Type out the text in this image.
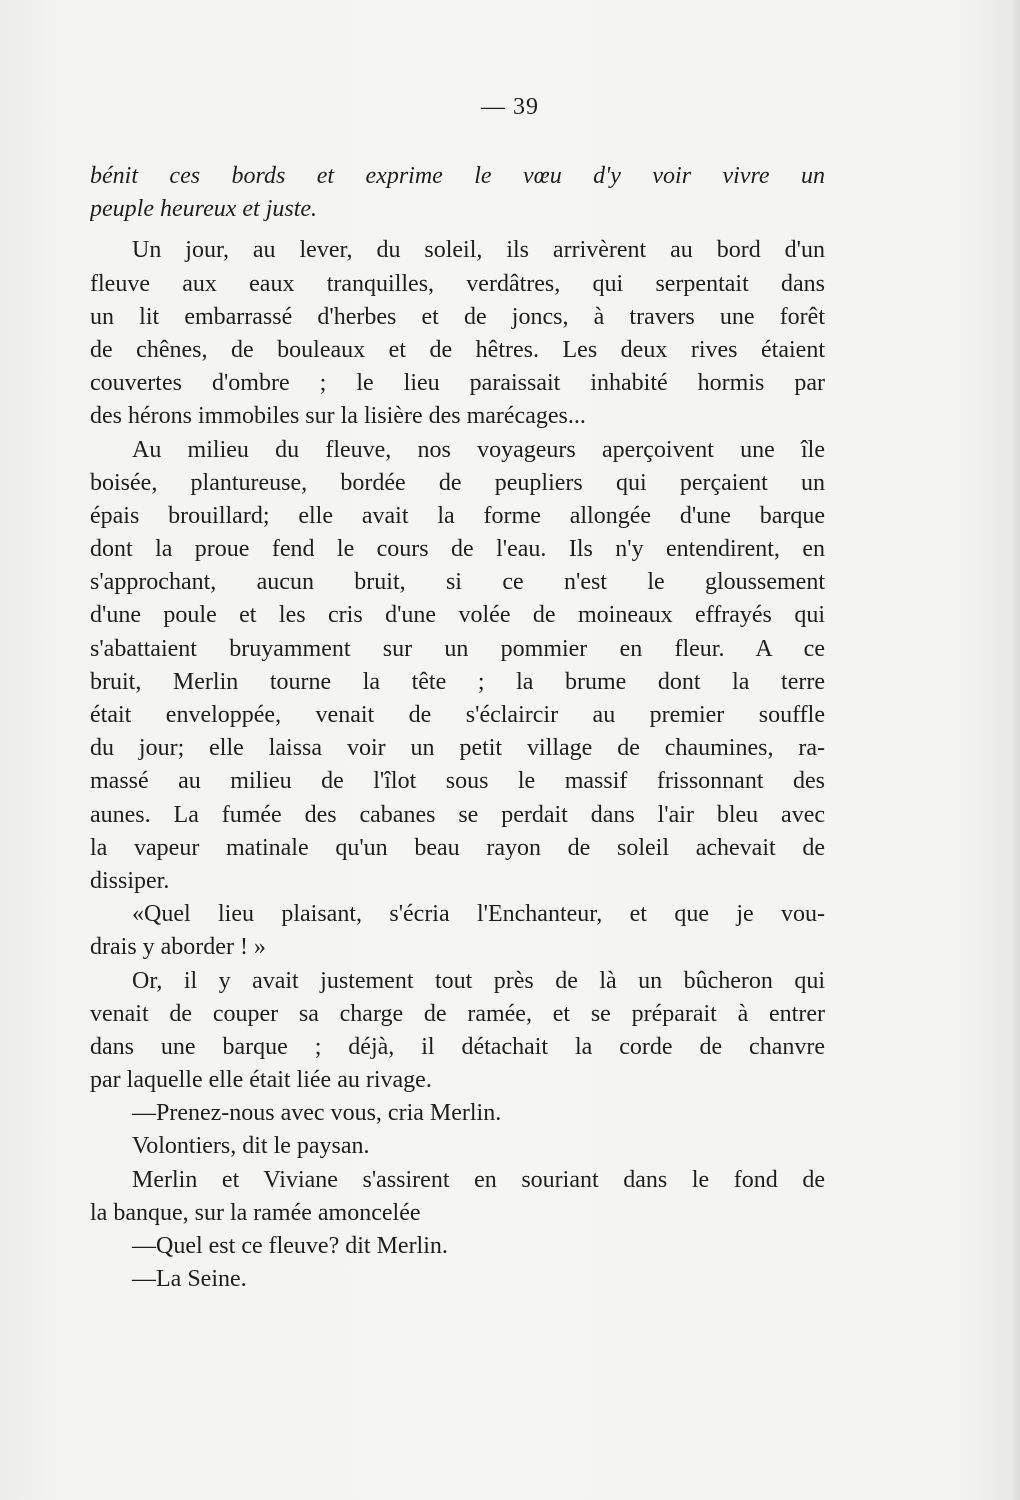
— 39
bénit ces bords et exprime le vœu d'y voir vivre un
peuple heureux et juste.
Un jour, au lever, du soleil, ils arrivèrent au bord d'un
fleuve aux eaux tranquilles, verdâtres, qui serpentait dans
un lit embarrassé d'herbes et de joncs, à travers une forêt
de chênes, de bouleaux et de hêtres. Les deux rives étaient
couvertes d'ombre ; le lieu paraissait inhabité hormis par
des hérons immobiles sur la lisière des marécages...
Au milieu du fleuve, nos voyageurs aperçoivent une île
boisée, plantureuse, bordée de peupliers qui perçaient un
épais brouillard; elle avait la forme allongée d'une barque
dont la proue fend le cours de l'eau. Ils n'y entendirent, en
s'approchant, aucun bruit, si ce n'est le gloussement
d'une poule et les cris d'une volée de moineaux effrayés qui
s'abattaient bruyamment sur un pommier en fleur. A ce
bruit, Merlin tourne la tête ; la brume dont la terre
était enveloppée, venait de s'éclaircir au premier souffle
du jour; elle laissa voir un petit village de chaumines, ra-
massé au milieu de l'îlot sous le massif frissonnant des
aunes. La fumée des cabanes se perdait dans l'air bleu avec
la vapeur matinale qu'un beau rayon de soleil achevait de
dissiper.
«Quel lieu plaisant, s'écria l'Enchanteur, et que je vou-
drais y aborder ! »
Or, il y avait justement tout près de là un bûcheron qui
venait de couper sa charge de ramée, et se préparait à entrer
dans une barque ; déjà, il détachait la corde de chanvre
par laquelle elle était liée au rivage.
—Prenez-nous avec vous, cria Merlin.
Volontiers, dit le paysan.
Merlin et Viviane s'assirent en souriant dans le fond de
la banque, sur la ramée amoncelée
—Quel est ce fleuve? dit Merlin.
—La Seine.
